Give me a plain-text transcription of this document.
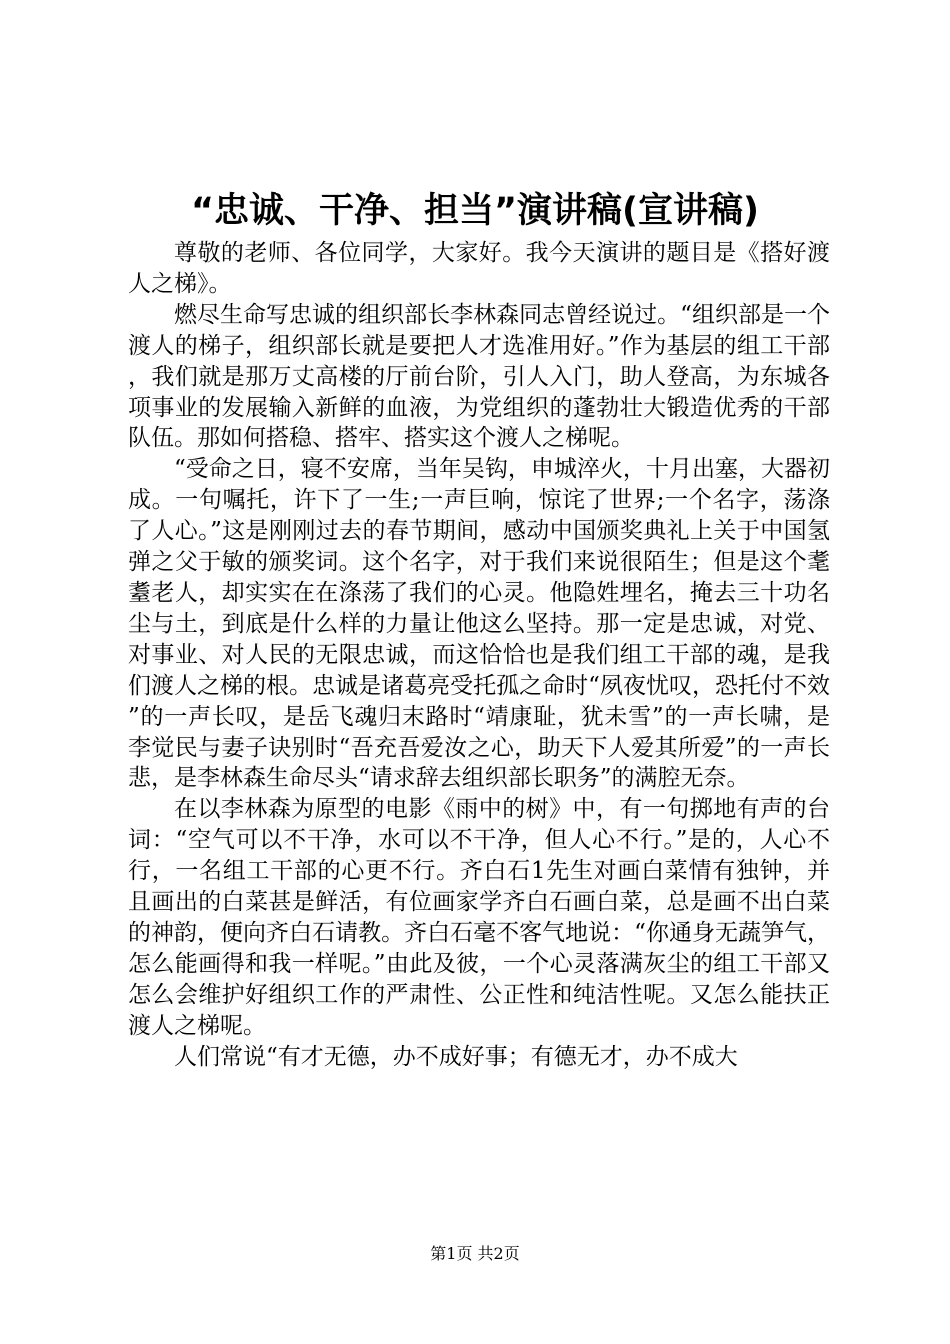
“忠诚、干净、担当”演讲稿(宣讲稿)

尊敬的老师、各位同学，大家好。我今天演讲的题目是《搭好渡人之梯》。

燃尽生命写忠诚的组织部长李林森同志曾经说过。“组织部是一个渡人的梯子，组织部长就是要把人才选准用好。”作为基层的组工干部，我们就是那万丈高楼的厅前台阶，引人入门，助人登高，为东城各项事业的发展输入新鲜的血液，为党组织的蓬勃壮大锻造优秀的干部队伍。那如何搭稳、搭牢、搭实这个渡人之梯呢。

“受命之日，寝不安席，当年吴钩，申城淬火，十月出塞，大器初成。一句嘱托，许下了一生;一声巨响，惊诧了世界;一个名字，荡涤了人心。”这是刚刚过去的春节期间，感动中国颁奖典礼上关于中国氢弹之父于敏的颁奖词。这个名字，对于我们来说很陌生；但是这个耄耋老人，却实实在在涤荡了我们的心灵。他隐姓埋名，掩去三十功名尘与土，到底是什么样的力量让他这么坚持。那一定是忠诚，对党、对事业、对人民的无限忠诚，而这恰恰也是我们组工干部的魂，是我们渡人之梯的根。忠诚是诸葛亮受托孤之命时“夙夜忧叹，恐托付不效”的一声长叹，是岳飞魂归末路时“靖康耻，犹未雪”的一声长啸，是李觉民与妻子诀别时“吾充吾爱汝之心，助天下人爱其所爱”的一声长悲，是李林森生命尽头“请求辞去组织部长职务”的满腔无奈。

在以李林森为原型的电影《雨中的树》中，有一句掷地有声的台词：“空气可以不干净，水可以不干净，但人心不行。”是的，人心不行，一名组工干部的心更不行。齐白石1先生对画白菜情有独钟，并且画出的白菜甚是鲜活，有位画家学齐白石画白菜，总是画不出白菜的神韵，便向齐白石请教。齐白石毫不客气地说：“你通身无蔬笋气，怎么能画得和我一样呢。”由此及彼，一个心灵落满灰尘的组工干部又怎么会维护好组织工作的严肃性、公正性和纯洁性呢。又怎么能扶正渡人之梯呢。

人们常说“有才无德，办不成好事；有德无才，办不成大

第1页 共2页
